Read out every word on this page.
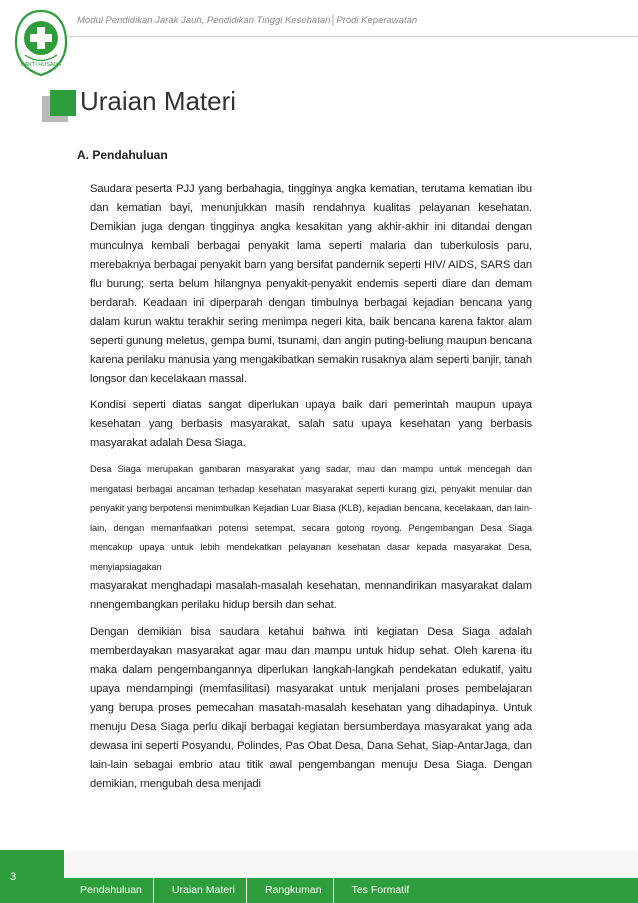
BAKTI HUSADA
Modul Pendidikan Jarak Jauh, Pendidikan Tinggi Kesehatan│Prodi Keperawatan
Uraian Materi
A. Pendahuluan

Saudara peserta PJJ yang berbahagia, tingginya angka kematian, terutama kematian ibu dan kematian bayi, menunjukkan masih rendahnya kualitas pelayanan kesehatan. Demikian juga dengan tingginya angka kesakitan yang akhir-akhir ini ditandai dengan munculnya kembali berbagai penyakit lama seperti malaria dan tuberkulosis paru, merebaknya berbagai penyakit barn yang bersifat pandernik seperti HIV/ AIDS, SARS dan flu burung; serta belum hilangnya penyakit-penyakit endemis seperti diare dan demam berdarah. Keadaan ini diperparah dengan timbulnya berbagai kejadian bencana yang dalam kurun waktu terakhir sering menimpa negeri kita, baik bencana karena faktor alam seperti gunung meletus, gempa bumi, tsunami, dan angin puting-beliung maupun bencana karena perilaku manusia yang mengakibatkan semakin rusaknya alam seperti banjir, tanah longsor dan kecelakaan massal.

Kondisi seperti diatas sangat diperlukan upaya baik dari pemerintah maupun upaya kesehatan yang berbasis masyarakat, salah satu upaya kesehatan yang berbasis masyarakat adalah Desa Siaga.

Desa Siaga merupakan gambaran masyarakat yang sadar, mau dan mampu untuk mencegah dan mengatasi berbagai ancaman terhadap kesehatan masyarakat seperti kurang gizi, penyakit menular dan penyakit yang berpotensi menimbulkan Kejadian Luar Biasa (KLB), kejadian bencana, kecelakaan, dan lain-lain, dengan memanfaatkan potensi setempat, secara gotong royong. Pengembangan Desa Siaga mencakup upaya untuk lebih mendekatkan pelayanan kesehatan dasar kepada masyarakat Desa, menyiapsiagakan

masyarakat menghadapi masalah-masalah kesehatan, mennandirikan masyarakat dalam nnengembangkan perilaku hidup bersih dan sehat.

Dengan demikian bisa saudara ketahui bahwa inti kegiatan Desa Siaga adalah memberdayakan masyarakat agar mau dan mampu untuk hidup sehat. Oleh karena itu maka dalam pengembangannya diperlukan langkah-langkah pendekatan edukatif, yaitu upaya mendarnpingi (memfasilitasi) masyarakat untuk menjalani proses pembelajaran yang berupa proses pemecahan masatah-masalah kesehatan yang dihadapinya. Untuk menuju Desa Siaga perlu dikaji berbagai kegiatan bersumberdaya masyarakat yang ada dewasa ini seperti Posyandu, Polindes, Pas Obat Desa, Dana Sehat, Siap-AntarJaga, dan lain-lain sebagai embrio atau titik awal pengembangan menuju Desa Siaga. Dengan demikian, rnengubah desa menjadi

3
Pendahuluan	Uraian Materi	Rangkuman	Tes Formatif
